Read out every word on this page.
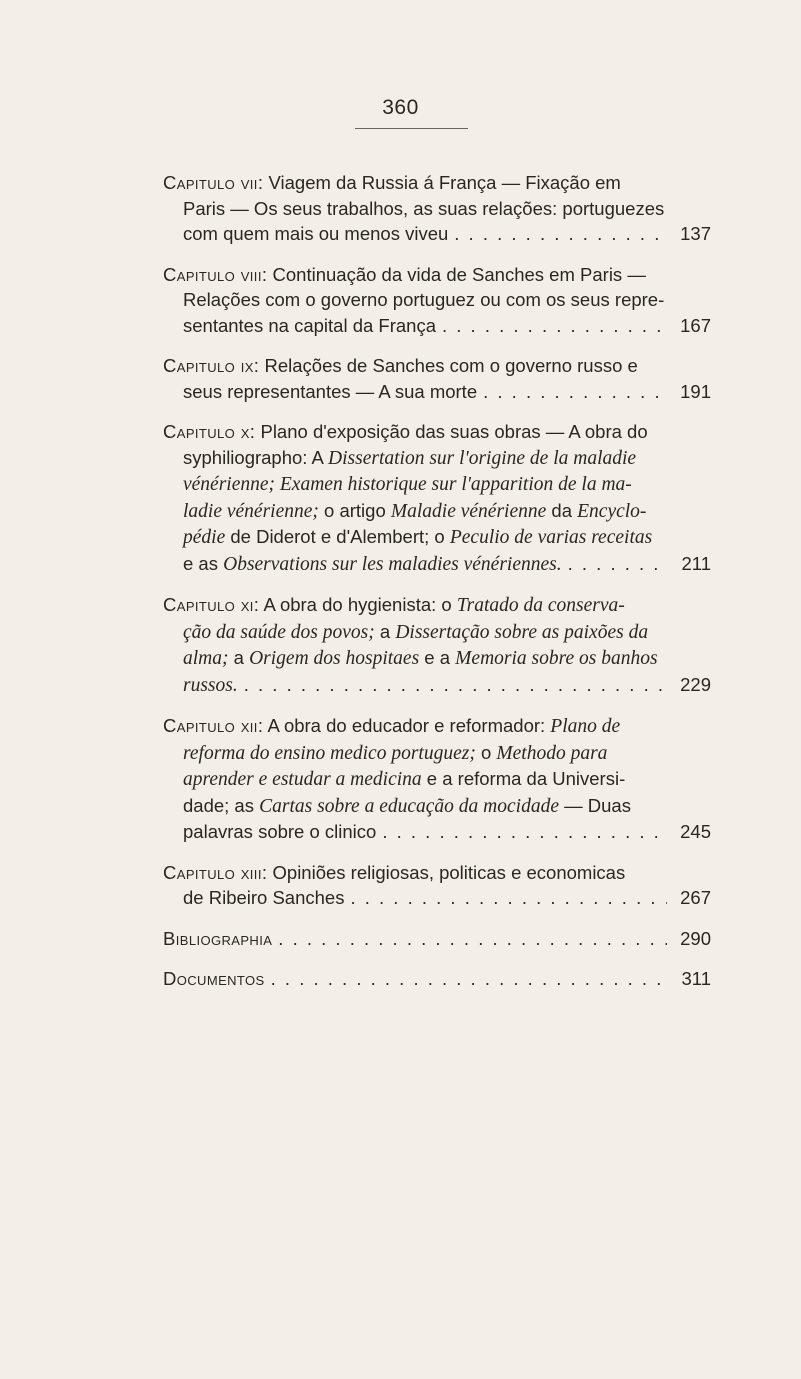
360
Capitulo vii: Viagem da Russia á França — Fixação em
Paris — Os seus trabalhos, as suas relações: portuguezes
com quem mais ou menos viveu . . .	137
Capitulo viii: Continuação da vida de Sanches em Paris —
Relações com o governo portuguez ou com os seus repre-
sentantes na capital da França . . .	167
Capitulo ix: Relações de Sanches com o governo russo e
seus representantes — A sua morte . . .	191
Capitulo x: Plano d'exposição das suas obras — A obra do
syphiliographo: A Dissertation sur l'origine de la maladie
vénérienne; Examen historique sur l'apparition de la ma-
ladie vénérienne; o artigo Maladie vénérienne da Encyclo-
pédie de Diderot e d'Alembert; o Peculio de varias receitas
e as Observations sur les maladies vénériennes. . . .	211
Capitulo xi: A obra do hygienista: o Tratado da conserva-
ção da saúde dos povos; a Dissertação sobre as paixões da
alma; a Origem dos hospitaes e a Memoria sobre os banhos
russos. . . .	229
Capitulo xii: A obra do educador e reformador: Plano de
reforma do ensino medico portuguez; o Methodo para
aprender e estudar a medicina e a reforma da Universi-
dade; as Cartas sobre a educação da mocidade — Duas
palavras sobre o clinico . . .	245
Capitulo xiii: Opiniões religiosas, politicas e economicas
de Ribeiro Sanches . . .	267
Bibliographia . . .	290
Documentos . . .	311
